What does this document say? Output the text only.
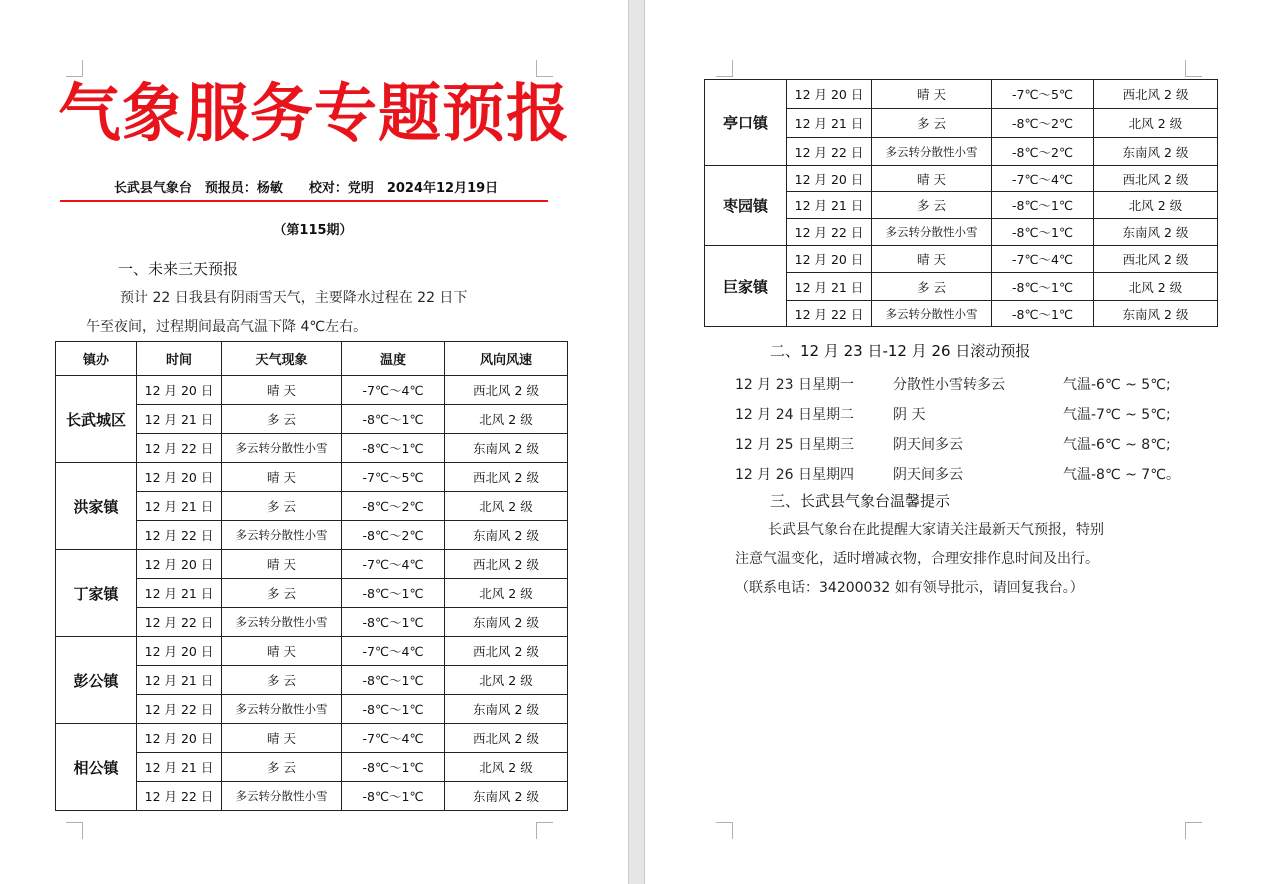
气象服务专题预报
长武县气象台　预报员：杨敏　　校对：党明　2024年12月19日
（第115期）
一、未来三天预报
预计 22 日我县有阴雨雪天气，主要降水过程在 22 日下
午至夜间，过程期间最高气温下降 4℃左右。
镇办	时间	天气现象	温度	风向风速
长武城区	12 月 20 日	晴 天	-7℃～4℃	西北风 2 级
	12 月 21 日	多 云	-8℃～1℃	北风 2 级
	12 月 22 日	多云转分散性小雪	-8℃～1℃	东南风 2 级
洪家镇	12 月 20 日	晴 天	-7℃～5℃	西北风 2 级
	12 月 21 日	多 云	-8℃～2℃	北风 2 级
	12 月 22 日	多云转分散性小雪	-8℃～2℃	东南风 2 级
丁家镇	12 月 20 日	晴 天	-7℃～4℃	西北风 2 级
	12 月 21 日	多 云	-8℃～1℃	北风 2 级
	12 月 22 日	多云转分散性小雪	-8℃～1℃	东南风 2 级
彭公镇	12 月 20 日	晴 天	-7℃～4℃	西北风 2 级
	12 月 21 日	多 云	-8℃～1℃	北风 2 级
	12 月 22 日	多云转分散性小雪	-8℃～1℃	东南风 2 级
相公镇	12 月 20 日	晴 天	-7℃～4℃	西北风 2 级
	12 月 21 日	多 云	-8℃～1℃	北风 2 级
	12 月 22 日	多云转分散性小雪	-8℃～1℃	东南风 2 级
亭口镇	12 月 20 日	晴 天	-7℃～5℃	西北风 2 级
	12 月 21 日	多 云	-8℃～2℃	北风 2 级
	12 月 22 日	多云转分散性小雪	-8℃～2℃	东南风 2 级
枣园镇	12 月 20 日	晴 天	-7℃～4℃	西北风 2 级
	12 月 21 日	多 云	-8℃～1℃	北风 2 级
	12 月 22 日	多云转分散性小雪	-8℃～1℃	东南风 2 级
巨家镇	12 月 20 日	晴 天	-7℃～4℃	西北风 2 级
	12 月 21 日	多 云	-8℃～1℃	北风 2 级
	12 月 22 日	多云转分散性小雪	-8℃～1℃	东南风 2 级
二、12 月 23 日-12 月 26 日滚动预报
12 月 23 日星期一	分散性小雪转多云	气温-6℃ ~ 5℃;
12 月 24 日星期二	阴 天	气温-7℃ ~ 5℃;
12 月 25 日星期三	阴天间多云	气温-6℃ ~ 8℃;
12 月 26 日星期四	阴天间多云	气温-8℃ ~ 7℃。
三、长武县气象台温馨提示
长武县气象台在此提醒大家请关注最新天气预报，特别
注意气温变化，适时增减衣物，合理安排作息时间及出行。
（联系电话：34200032 如有领导批示，请回复我台。）
